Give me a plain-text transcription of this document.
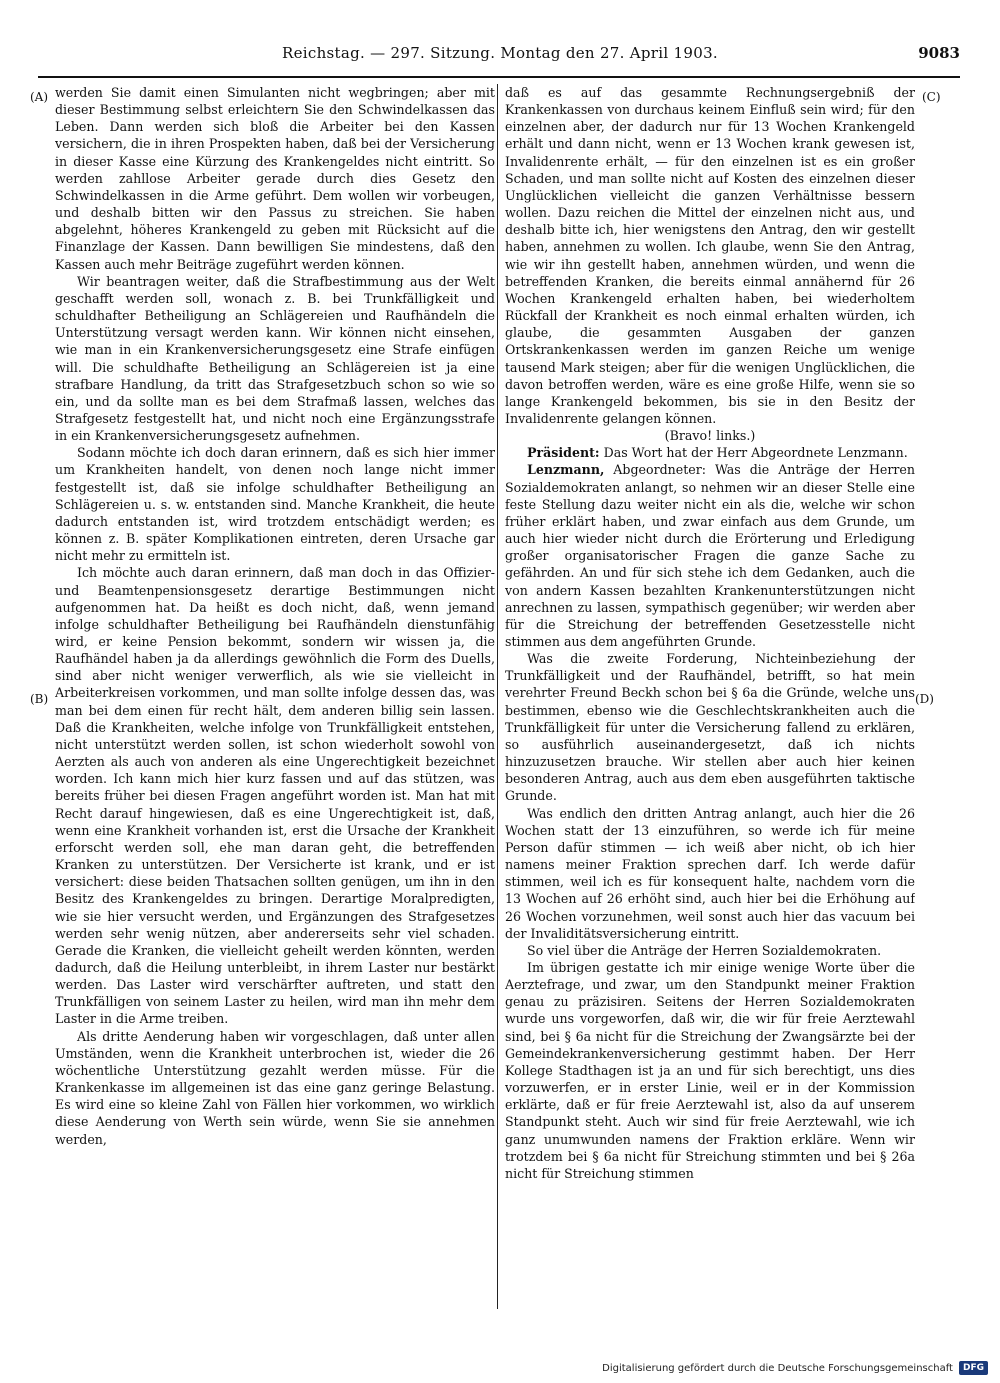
Reichstag. — 297. Sitzung. Montag den 27. April 1903.	9083
(A)
(B)
(C)
(D)

werden Sie damit einen Simulanten nicht wegbringen; aber mit dieser Bestimmung selbst erleichtern Sie den Schwindelkassen das Leben. Dann werden sich bloß die Arbeiter bei den Kassen versichern, die in ihren Prospekten haben, daß bei der Versicherung in dieser Kasse eine Kürzung des Krankengeldes nicht eintritt. So werden zahllose Arbeiter gerade durch dies Gesetz den Schwindelkassen in die Arme geführt. Dem wollen wir vorbeugen, und deshalb bitten wir den Passus zu streichen. Sie haben abgelehnt, höheres Krankengeld zu geben mit Rücksicht auf die Finanzlage der Kassen. Dann bewilligen Sie mindestens, daß den Kassen auch mehr Beiträge zugeführt werden können.

Wir beantragen weiter, daß die Strafbestimmung aus der Welt geschafft werden soll, wonach z. B. bei Trunkfälligkeit und schuldhafter Betheiligung an Schlägereien und Raufhändeln die Unterstützung versagt werden kann. Wir können nicht einsehen, wie man in ein Krankenversicherungsgesetz eine Strafe einfügen will. Die schuldhafte Betheiligung an Schlägereien ist ja eine strafbare Handlung, da tritt das Strafgesetzbuch schon so wie so ein, und da sollte man es bei dem Strafmaß lassen, welches das Strafgesetz festgestellt hat, und nicht noch eine Ergänzungsstrafe in ein Krankenversicherungsgesetz aufnehmen.

Sodann möchte ich doch daran erinnern, daß es sich hier immer um Krankheiten handelt, von denen noch lange nicht immer festgestellt ist, daß sie infolge schuldhafter Betheiligung an Schlägereien u. s. w. entstanden sind. Manche Krankheit, die heute dadurch entstanden ist, wird trotzdem entschädigt werden; es können z. B. später Komplikationen eintreten, deren Ursache gar nicht mehr zu ermitteln ist.

Ich möchte auch daran erinnern, daß man doch in das Offizier- und Beamtenpensionsgesetz derartige Bestimmungen nicht aufgenommen hat. Da heißt es doch nicht, daß, wenn jemand infolge schuldhafter Betheiligung bei Raufhändeln dienstunfähig wird, er keine Pension bekommt, sondern wir wissen ja, die Raufhändel haben ja da allerdings gewöhnlich die Form des Duells, sind aber nicht weniger verwerflich, als wie sie vielleicht in Arbeiterkreisen vorkommen, und man sollte infolge dessen das, was man bei dem einen für recht hält, dem anderen billig sein lassen. Daß die Krankheiten, welche infolge von Trunkfälligkeit entstehen, nicht unterstützt werden sollen, ist schon wiederholt sowohl von Aerzten als auch von anderen als eine Ungerechtigkeit bezeichnet worden. Ich kann mich hier kurz fassen und auf das stützen, was bereits früher bei diesen Fragen angeführt worden ist. Man hat mit Recht darauf hingewiesen, daß es eine Ungerechtigkeit ist, daß, wenn eine Krankheit vorhanden ist, erst die Ursache der Krankheit erforscht werden soll, ehe man daran geht, die betreffenden Kranken zu unterstützen. Der Versicherte ist krank, und er ist versichert: diese beiden Thatsachen sollten genügen, um ihn in den Besitz des Krankengeldes zu bringen. Derartige Moralpredigten, wie sie hier versucht werden, und Ergänzungen des Strafgesetzes werden sehr wenig nützen, aber andererseits sehr viel schaden. Gerade die Kranken, die vielleicht geheilt werden könnten, werden dadurch, daß die Heilung unterbleibt, in ihrem Laster nur bestärkt werden. Das Laster wird verschärfter auftreten, und statt den Trunkfälligen von seinem Laster zu heilen, wird man ihn mehr dem Laster in die Arme treiben.

Als dritte Aenderung haben wir vorgeschlagen, daß unter allen Umständen, wenn die Krankheit unterbrochen ist, wieder die 26 wöchentliche Unterstützung gezahlt werden müsse. Für die Krankenkasse im allgemeinen ist das eine ganz geringe Belastung. Es wird eine so kleine Zahl von Fällen hier vorkommen, wo wirklich diese Aenderung von Werth sein würde, wenn Sie sie annehmen werden,

daß es auf das gesammte Rechnungsergebniß der Krankenkassen von durchaus keinem Einfluß sein wird; für den einzelnen aber, der dadurch nur für 13 Wochen Krankengeld erhält und dann nicht, wenn er 13 Wochen krank gewesen ist, Invalidenrente erhält, — für den einzelnen ist es ein großer Schaden, und man sollte nicht auf Kosten des einzelnen dieser Unglücklichen vielleicht die ganzen Verhältnisse bessern wollen. Dazu reichen die Mittel der einzelnen nicht aus, und deshalb bitte ich, hier wenigstens den Antrag, den wir gestellt haben, annehmen zu wollen. Ich glaube, wenn Sie den Antrag, wie wir ihn gestellt haben, annehmen würden, und wenn die betreffenden Kranken, die bereits einmal annähernd für 26 Wochen Krankengeld erhalten haben, bei wiederholtem Rückfall der Krankheit es noch einmal erhalten würden, ich glaube, die gesammten Ausgaben der ganzen Ortskrankenkassen werden im ganzen Reiche um wenige tausend Mark steigen; aber für die wenigen Unglücklichen, die davon betroffen werden, wäre es eine große Hilfe, wenn sie so lange Krankengeld bekommen, bis sie in den Besitz der Invalidenrente gelangen können.

(Bravo! links.)

Präsident: Das Wort hat der Herr Abgeordnete Lenzmann.

Lenzmann, Abgeordneter: Was die Anträge der Herren Sozialdemokraten anlangt, so nehmen wir an dieser Stelle eine feste Stellung dazu weiter nicht ein als die, welche wir schon früher erklärt haben, und zwar einfach aus dem Grunde, um auch hier wieder nicht durch die Erörterung und Erledigung großer organisatorischer Fragen die ganze Sache zu gefährden. An und für sich stehe ich dem Gedanken, auch die von andern Kassen bezahlten Krankenunterstützungen nicht anrechnen zu lassen, sympathisch gegenüber; wir werden aber für die Streichung der betreffenden Gesetzesstelle nicht stimmen aus dem angeführten Grunde.

Was die zweite Forderung, Nichteinbeziehung der Trunkfälligkeit und der Raufhändel, betrifft, so hat mein verehrter Freund Beckh schon bei § 6a die Gründe, welche uns bestimmen, ebenso wie die Geschlechtskrankheiten auch die Trunkfälligkeit für unter die Versicherung fallend zu erklären, so ausführlich auseinandergesetzt, daß ich nichts hinzuzusetzen brauche. Wir stellen aber auch hier keinen besonderen Antrag, auch aus dem eben ausgeführten taktische Grunde.

Was endlich den dritten Antrag anlangt, auch hier die 26 Wochen statt der 13 einzuführen, so werde ich für meine Person dafür stimmen — ich weiß aber nicht, ob ich hier namens meiner Fraktion sprechen darf. Ich werde dafür stimmen, weil ich es für konsequent halte, nachdem vorn die 13 Wochen auf 26 erhöht sind, auch hier bei die Erhöhung auf 26 Wochen vorzunehmen, weil sonst auch hier das vacuum bei der Invaliditätsversicherung eintritt.

So viel über die Anträge der Herren Sozialdemokraten.

Im übrigen gestatte ich mir einige wenige Worte über die Aerztefrage, und zwar, um den Standpunkt meiner Fraktion genau zu präzisiren. Seitens der Herren Sozialdemokraten wurde uns vorgeworfen, daß wir, die wir für freie Aerztewahl sind, bei § 6a nicht für die Streichung der Zwangsärzte bei der Gemeindekrankenversicherung gestimmt haben. Der Herr Kollege Stadthagen ist ja an und für sich berechtigt, uns dies vorzuwerfen, er in erster Linie, weil er in der Kommission erklärte, daß er für freie Aerztewahl ist, also da auf unserem Standpunkt steht. Auch wir sind für freie Aerztewahl, wie ich ganz unumwunden namens der Fraktion erkläre. Wenn wir trotzdem bei § 6a nicht für Streichung stimmten und bei § 26a nicht für Streichung stimmen

Digitalisierung gefördert durch die Deutsche Forschungsgemeinschaft	DFG
